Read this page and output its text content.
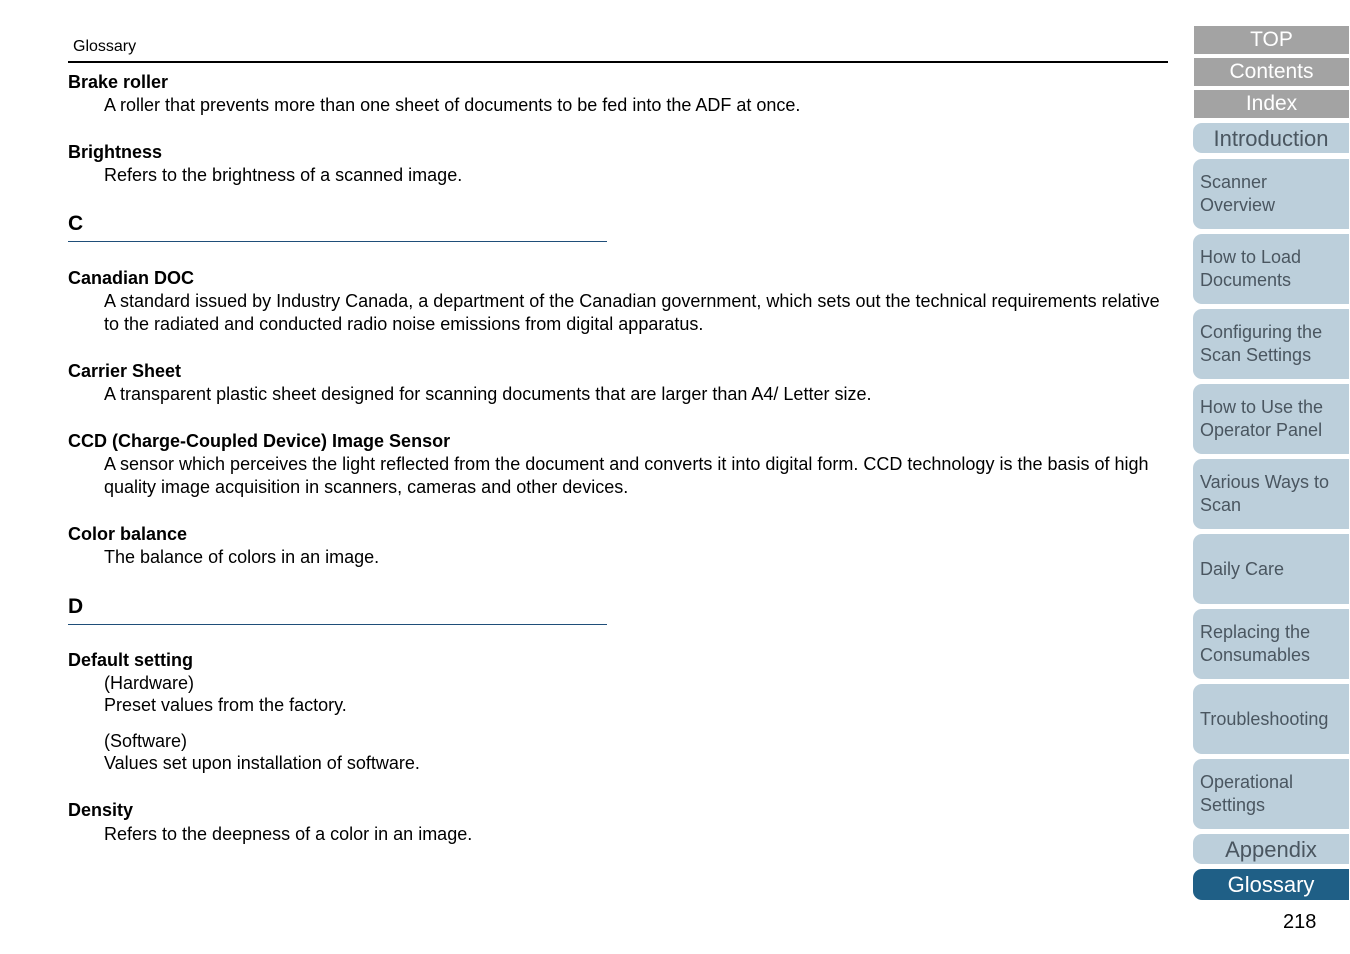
Glossary
Brake roller
A roller that prevents more than one sheet of documents to be fed into the ADF at once.
Brightness
Refers to the brightness of a scanned image.
C
Canadian DOC
A standard issued by Industry Canada, a department of the Canadian government, which sets out the technical requirements relative to the radiated and conducted radio noise emissions from digital apparatus.
Carrier Sheet
A transparent plastic sheet designed for scanning documents that are larger than A4/ Letter size.
CCD (Charge-Coupled Device) Image Sensor
A sensor which perceives the light reflected from the document and converts it into digital form. CCD technology is the basis of high quality image acquisition in scanners, cameras and other devices.
Color balance
The balance of colors in an image.
D
Default setting
(Hardware)
Preset values from the factory.
(Software)
Values set upon installation of software.
Density
Refers to the deepness of a color in an image.
TOP
Contents
Index
Introduction
Scanner Overview
How to Load Documents
Configuring the Scan Settings
How to Use the Operator Panel
Various Ways to Scan
Daily Care
Replacing the Consumables
Troubleshooting
Operational Settings
Appendix
Glossary
218
